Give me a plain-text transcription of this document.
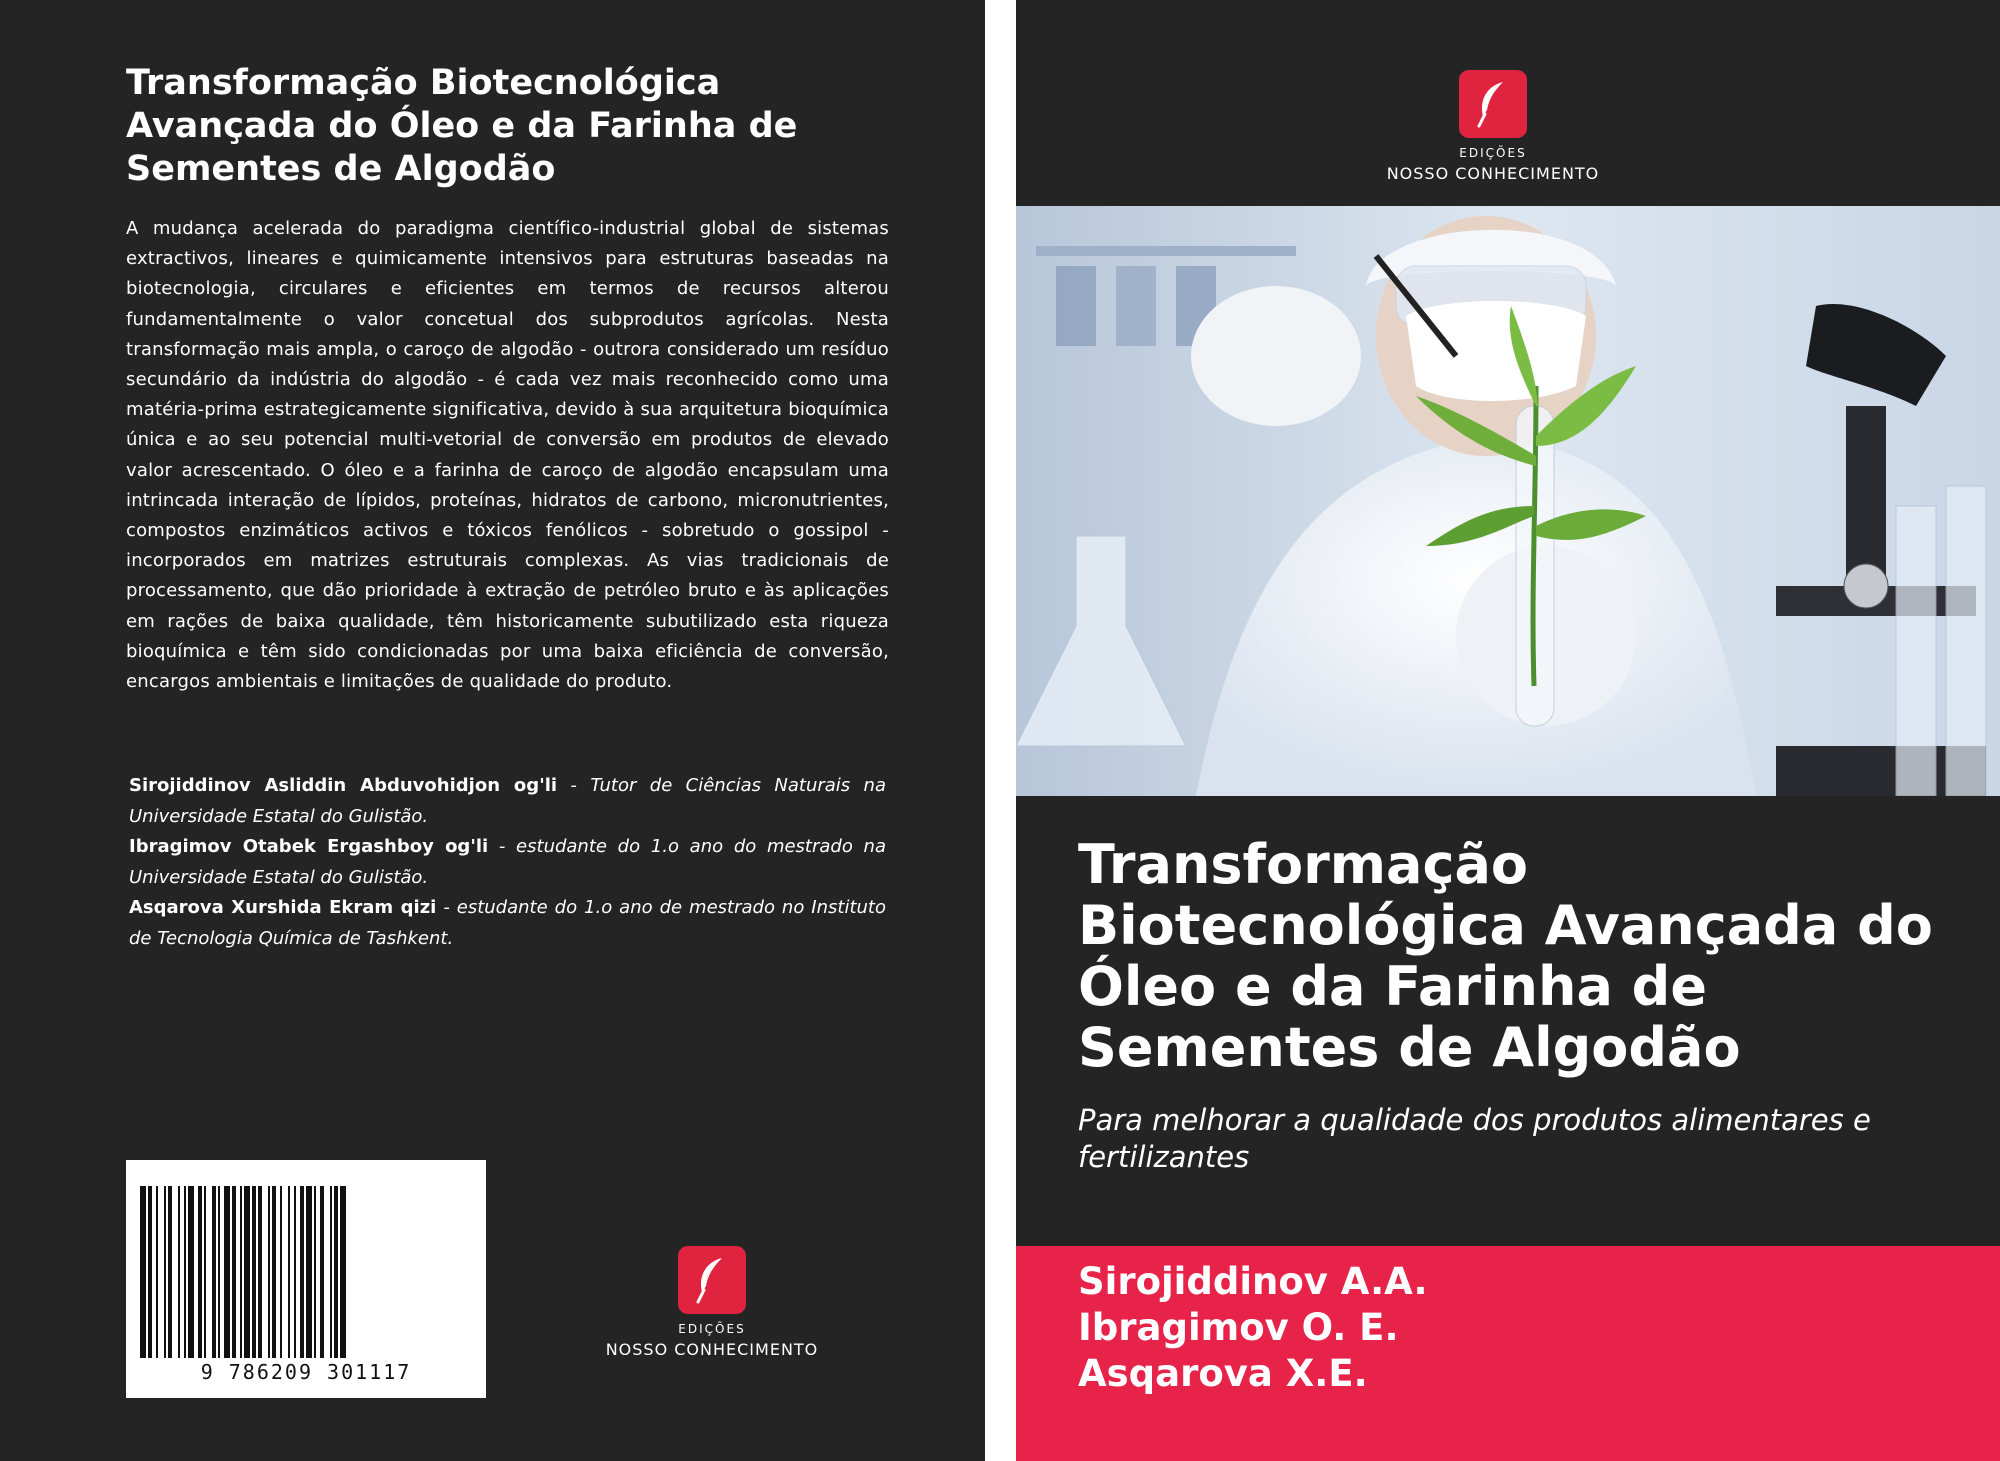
Transformação Biotecnológica Avançada do Óleo e da Farinha de Sementes de Algodão

A mudança acelerada do paradigma científico-industrial global de sistemas extractivos, lineares e quimicamente intensivos para estruturas baseadas na biotecnologia, circulares e eficientes em termos de recursos alterou fundamentalmente o valor concetual dos subprodutos agrícolas. Nesta transformação mais ampla, o caroço de algodão - outrora considerado um resíduo secundário da indústria do algodão - é cada vez mais reconhecido como uma matéria-prima estrategicamente significativa, devido à sua arquitetura bioquímica única e ao seu potencial multi-vetorial de conversão em produtos de elevado valor acrescentado. O óleo e a farinha de caroço de algodão encapsulam uma intrincada interação de lípidos, proteínas, hidratos de carbono, micronutrientes, compostos enzimáticos activos e tóxicos fenólicos - sobretudo o gossipol - incorporados em matrizes estruturais complexas. As vias tradicionais de processamento, que dão prioridade à extração de petróleo bruto e às aplicações em rações de baixa qualidade, têm historicamente subutilizado esta riqueza bioquímica e têm sido condicionadas por uma baixa eficiência de conversão, encargos ambientais e limitações de qualidade do produto.

Sirojiddinov Asliddin Abduvohidjon og'li - Tutor de Ciências Naturais na Universidade Estatal do Gulistão.

Ibragimov Otabek Ergashboy og'li - estudante do 1.o ano do mestrado na Universidade Estatal do Gulistão.

Asqarova Xurshida Ekram qizi - estudante do 1.o ano de mestrado no Instituto de Tecnologia Química de Tashkent.

9 786209 301117
EDIÇÕES
NOSSO CONHECIMENTO
EDIÇÕES
NOSSO CONHECIMENTO
Transformação Biotecnológica Avançada do Óleo e da Farinha de Sementes de Algodão

Para melhorar a qualidade dos produtos alimentares e fertilizantes

Sirojiddinov A.A.

Ibragimov O. E.

Asqarova X.E.
